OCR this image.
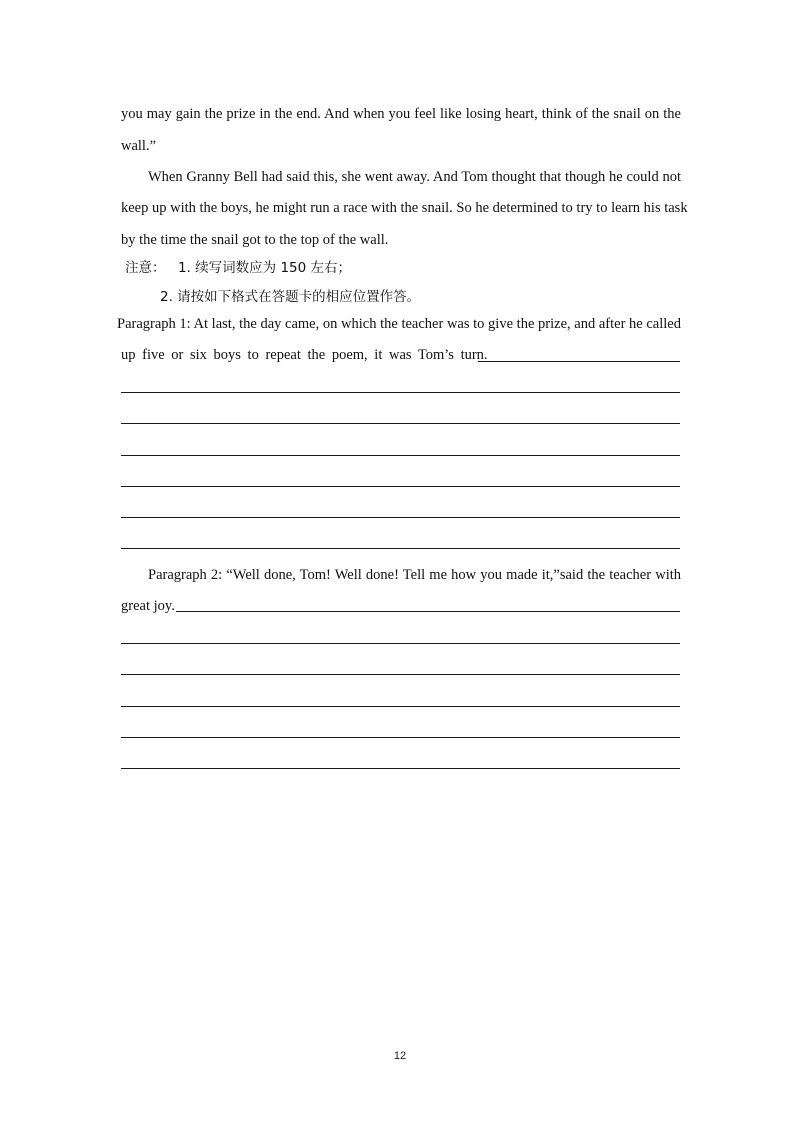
you may gain the prize in the end. And when you feel like losing heart, think of the snail on the
wall.”
When Granny Bell had said this, she went away. And Tom thought that though he could not
keep up with the boys, he might run a race with the snail. So he determined to try to learn his task
by the time the snail got to the top of the wall.
注意： 1. 续写词数应为 150 左右；
2. 请按如下格式在答题卡的相应位置作答。
Paragraph 1: At last, the day came, on which the teacher was to give the prize, and after he called
up five or six boys to repeat the poem, it was Tom’s turn.
Paragraph 2: “Well done, Tom! Well done! Tell me how you made it,”said the teacher with
great joy.
12
